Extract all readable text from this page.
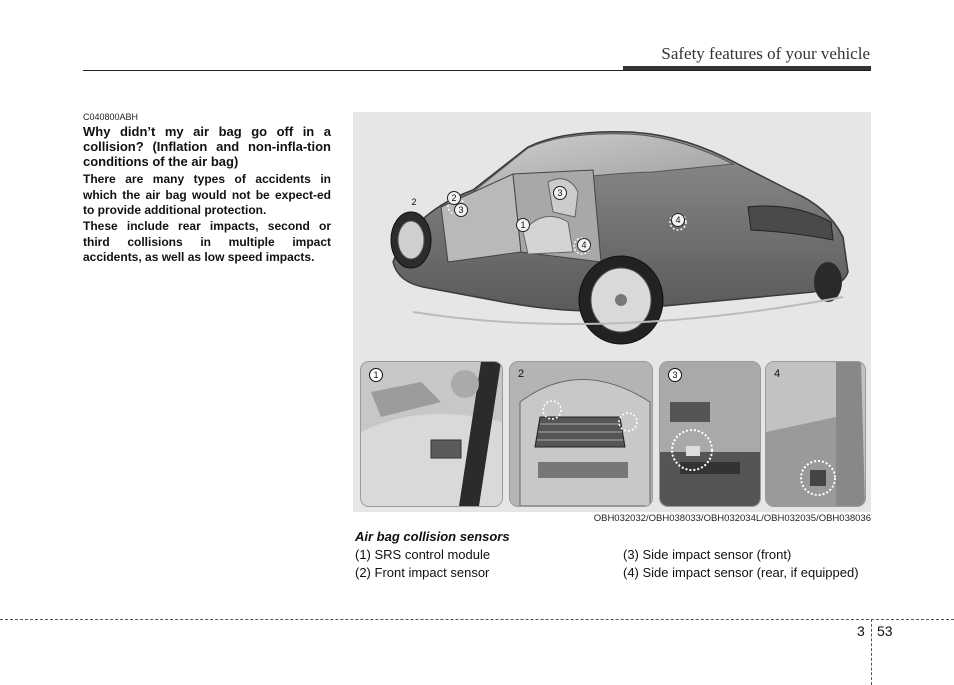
Safety features of your vehicle
C040800ABH
Why didn’t my air bag go off in a collision? (Inflation and non-infla-tion conditions of the air bag)
There are many types of accidents in which the air bag would not be expect-ed to provide additional protection.
These include rear impacts, second or third collisions in multiple impact accidents, as well as low speed impacts.
2	2
3
3
1	4
4
1	2	3	4
OBH032032/OBH038033/OBH032034L/OBH032035/OBH038036
Air bag collision sensors
(1) SRS control module
(2) Front impact sensor
(3) Side impact sensor (front)
(4) Side impact sensor (rear, if equipped)
3 53
